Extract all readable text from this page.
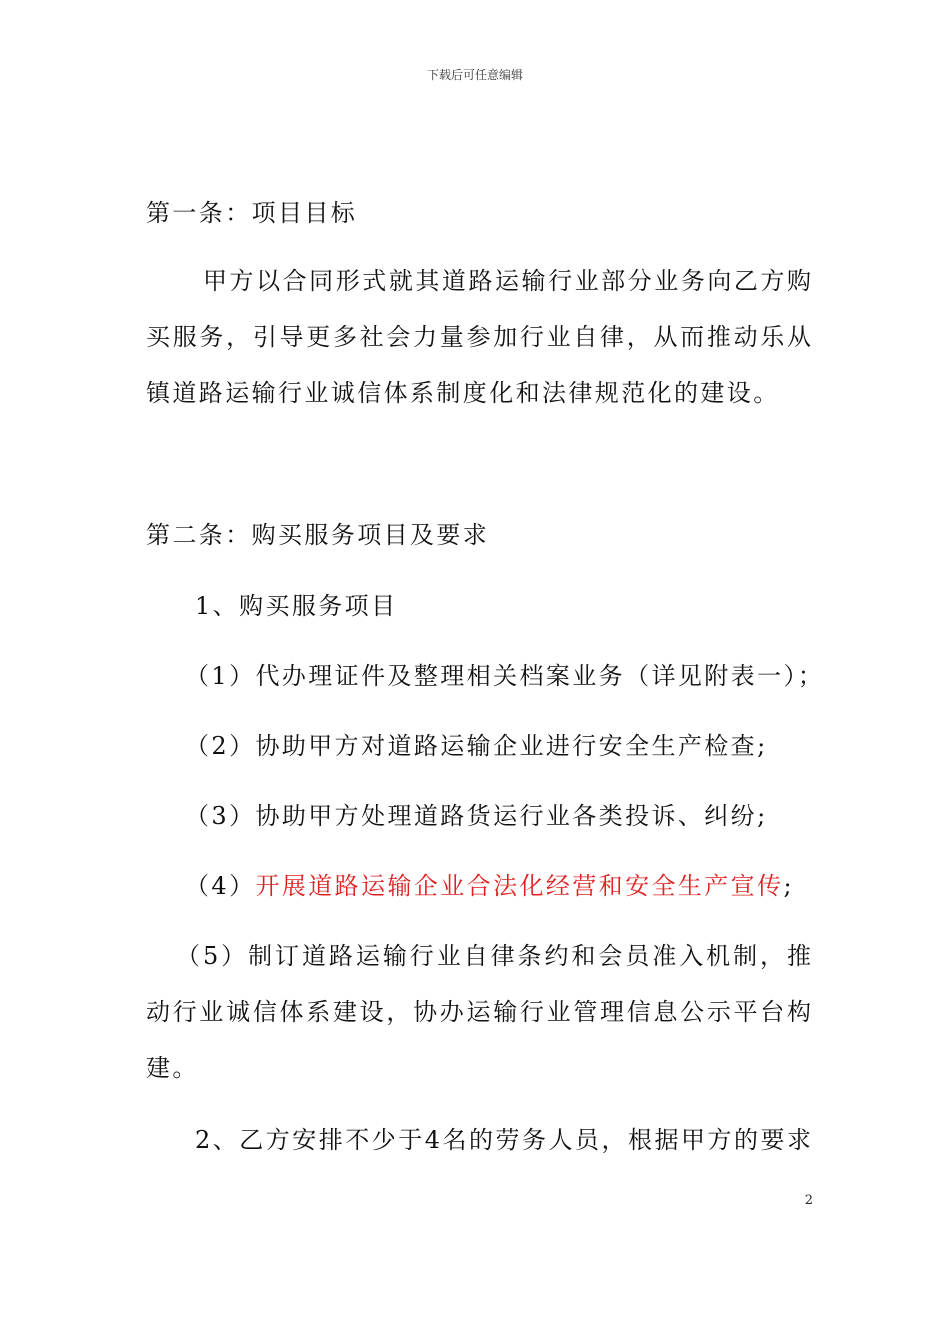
下载后可任意编辑
第一条：项目目标
甲方以合同形式就其道路运输行业部分业务向乙方购
买服务，引导更多社会力量参加行业自律，从而推动乐从
镇道路运输行业诚信体系制度化和法律规范化的建设。
第二条：购买服务项目及要求
1、购买服务项目
（1）代办理证件及整理相关档案业务（详见附表一）；
（2）协助甲方对道路运输企业进行安全生产检查;
（3）协助甲方处理道路货运行业各类投诉、纠纷;
（4）开展道路运输企业合法化经营和安全生产宣传;
（5）制订道路运输行业自律条约和会员准入机制，推
动行业诚信体系建设，协办运输行业管理信息公示平台构
建。
2、乙方安排不少于4名的劳务人员，根据甲方的要求
2
